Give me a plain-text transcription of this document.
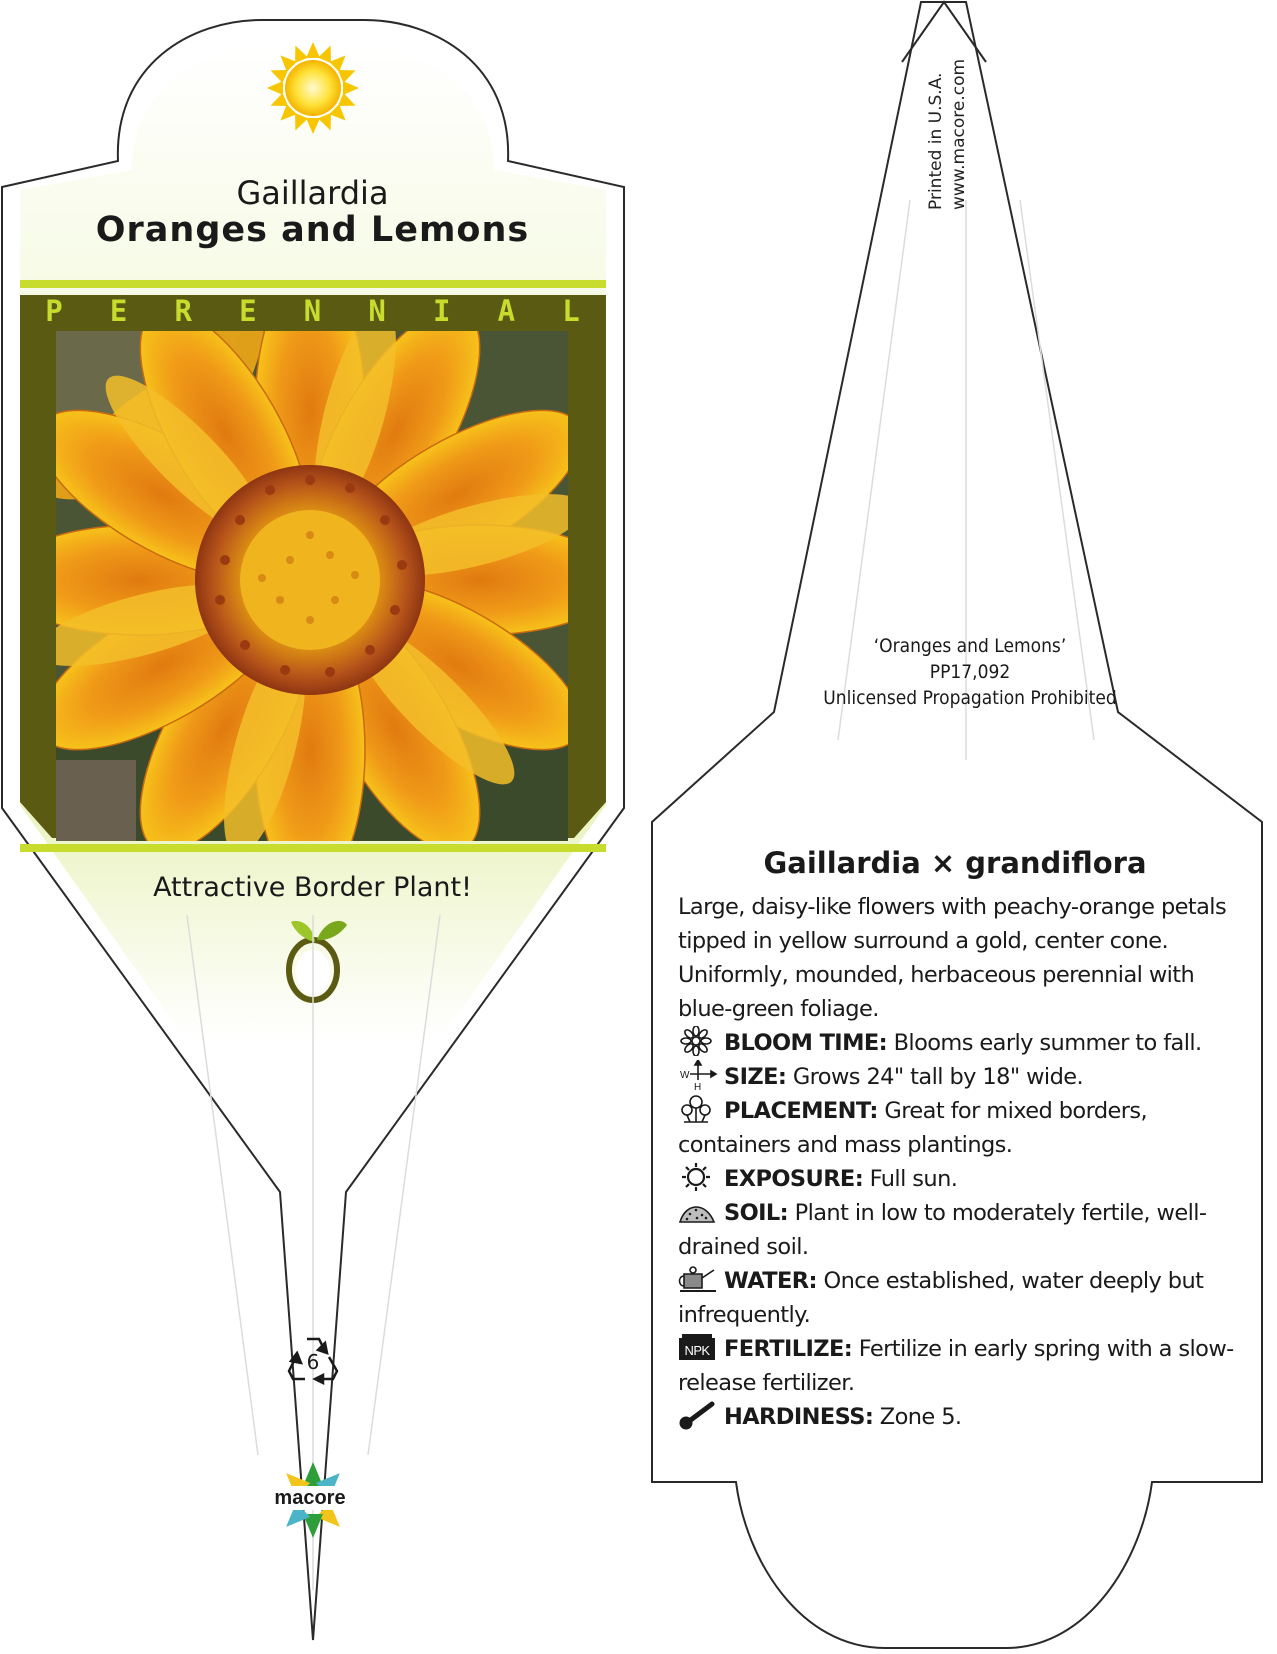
Gaillardia
Oranges and Lemons
P E R E N N I A L
Attractive Border Plant!
6
macore
Printed in U.S.A. www.macore.com
‘Oranges and Lemons’
PP17,092
Unlicensed Propagation Prohibited
Gaillardia × grandiflora

Large, daisy-like flowers with peachy-orange petals tipped in yellow surround a gold, center cone. Uniformly, mounded, herbaceous perennial with blue-green foliage.

BLOOM TIME: Blooms early summer to fall.

W
H SIZE: Grows 24" tall by 18" wide.

PLACEMENT: Great for mixed borders, containers and mass plantings.

EXPOSURE: Full sun.

SOIL: Plant in low to moderately fertile, well-drained soil.

WATER: Once established, water deeply but infrequently.

NPK FERTILIZE: Fertilize in early spring with a slow-release fertilizer.

HARDINESS: Zone 5.
